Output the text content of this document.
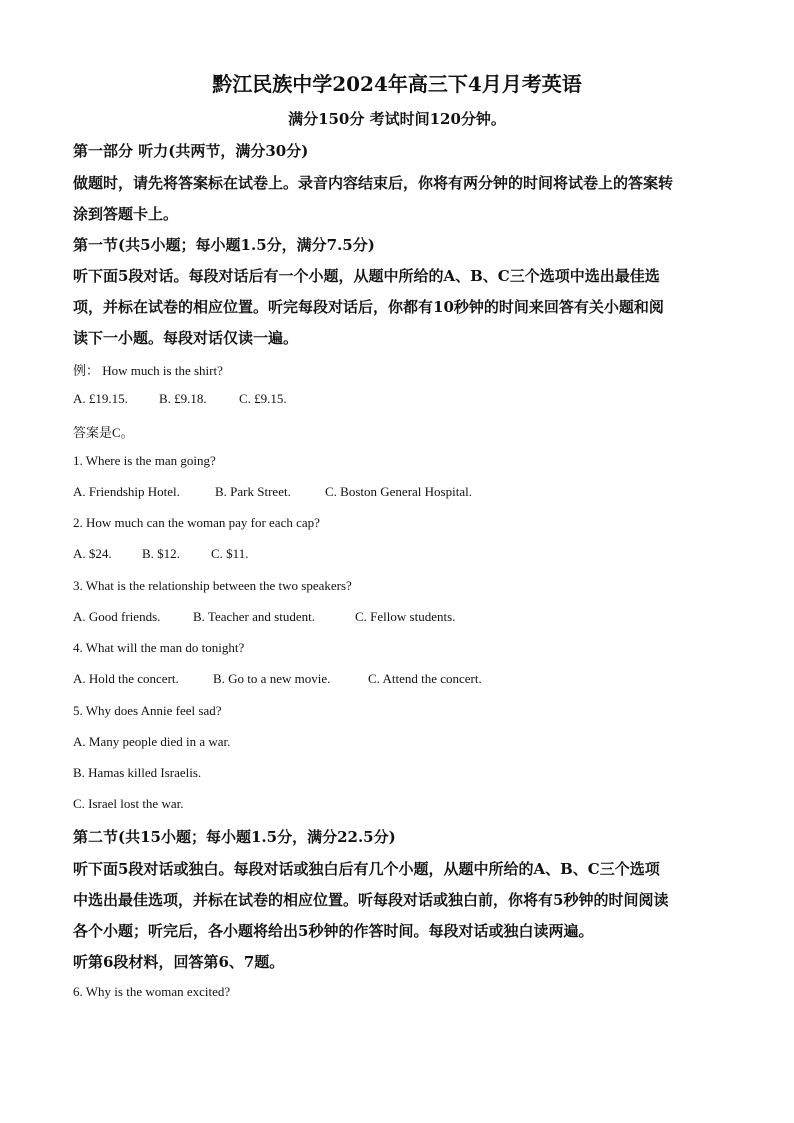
黔江民族中学2024年高三下4月月考英语
满分150分 考试时间120分钟。
第一部分 听力(共两节，满分30分)
做题时，请先将答案标在试卷上。录音内容结束后，你将有两分钟的时间将试卷上的答案转
涂到答题卡上。
第一节(共5小题；每小题1.5分，满分7.5分)
听下面5段对话。每段对话后有一个小题，从题中所给的A、B、C三个选项中选出最佳选
项，并标在试卷的相应位置。听完每段对话后，你都有10秒钟的时间来回答有关小题和阅
读下一小题。每段对话仅读一遍。
例： How much is the shirt?
A. £19.15. B. £9.18. C. £9.15.
答案是C。
1. Where is the man going?
A. Friendship Hotel.	B. Park Street.	C. Boston General Hospital.
2. How much can the woman pay for each cap?
A. $24. B. $12. C. $11.
3. What is the relationship between the two speakers?
A. Good friends.	B. Teacher and student.	C. Fellow students.
4. What will the man do tonight?
A. Hold the concert.	B. Go to a new movie.	C. Attend the concert.
5. Why does Annie feel sad?
A. Many people died in a war.
B. Hamas killed Israelis.
C. Israel lost the war.
第二节(共15小题；每小题1.5分，满分22.5分)
听下面5段对话或独白。每段对话或独白后有几个小题，从题中所给的A、B、C三个选项
中选出最佳选项，并标在试卷的相应位置。听每段对话或独白前，你将有5秒钟的时间阅读
各个小题；听完后，各小题将给出5秒钟的作答时间。每段对话或独白读两遍。
听第6段材料，回答第6、7题。
6. Why is the woman excited?
